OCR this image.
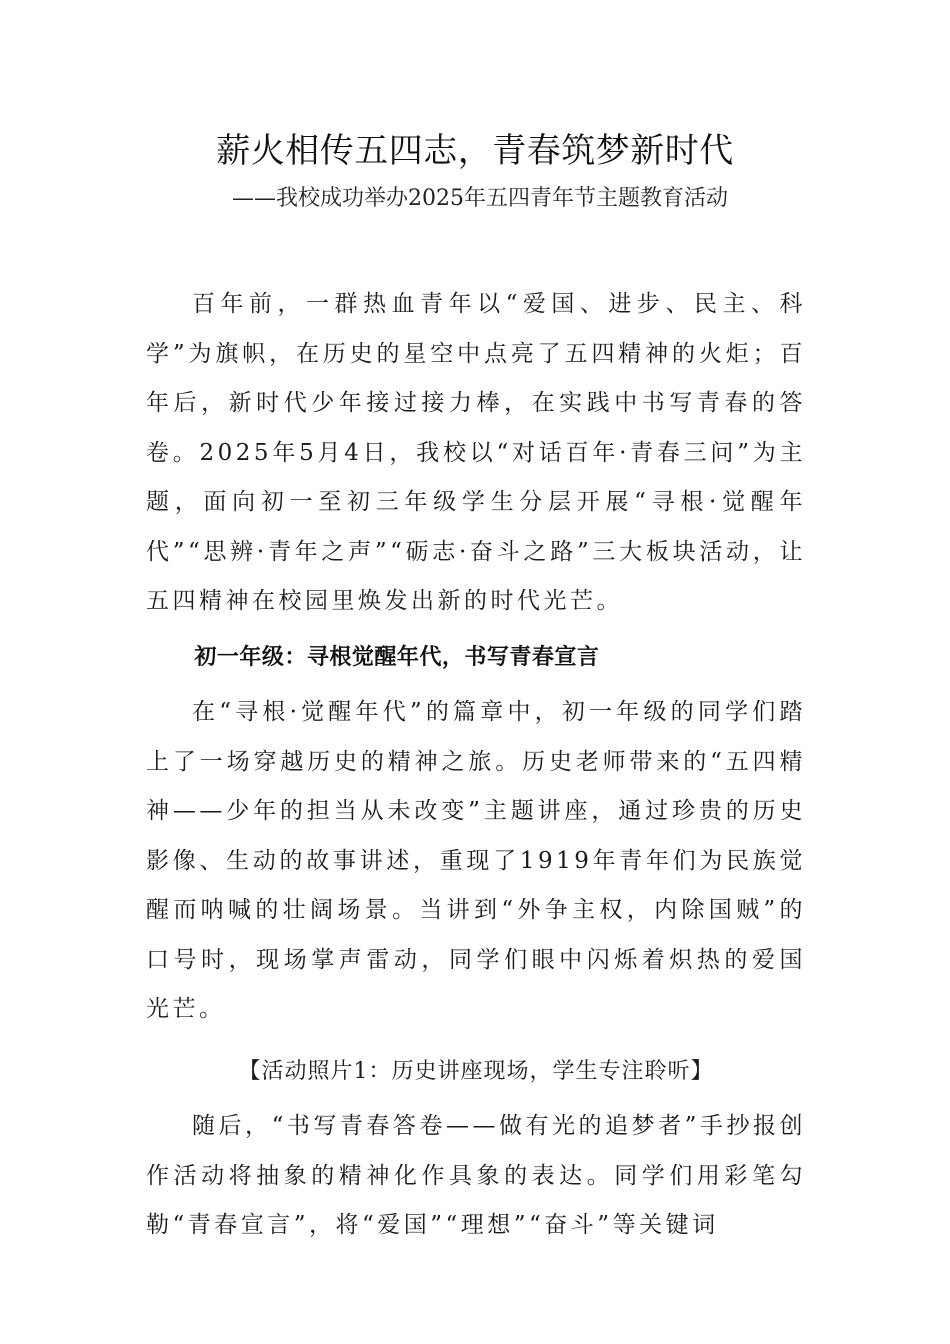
薪火相传五四志，青春筑梦新时代
——我校成功举办2025年五四青年节主题教育活动

百年前，一群热血青年以“爱国、进步、民主、科学”为旗帜，在历史的星空中点亮了五四精神的火炬；百年后，新时代少年接过接力棒，在实践中书写青春的答卷。2025年5月4日，我校以“对话百年·青春三问”为主题，面向初一至初三年级学生分层开展“寻根·觉醒年代”“思辨·青年之声”“砺志·奋斗之路”三大板块活动，让五四精神在校园里焕发出新的时代光芒。

初一年级：寻根觉醒年代，书写青春宣言

在“寻根·觉醒年代”的篇章中，初一年级的同学们踏上了一场穿越历史的精神之旅。历史老师带来的“五四精神——少年的担当从未改变”主题讲座，通过珍贵的历史影像、生动的故事讲述，重现了1919年青年们为民族觉醒而呐喊的壮阔场景。当讲到“外争主权，内除国贼”的口号时，现场掌声雷动，同学们眼中闪烁着炽热的爱国光芒。

【活动照片1：历史讲座现场，学生专注聆听】

随后，“书写青春答卷——做有光的追梦者”手抄报创作活动将抽象的精神化作具象的表达。同学们用彩笔勾勒“青春宣言”，将“爱国”“理想”“奋斗”等关键词
